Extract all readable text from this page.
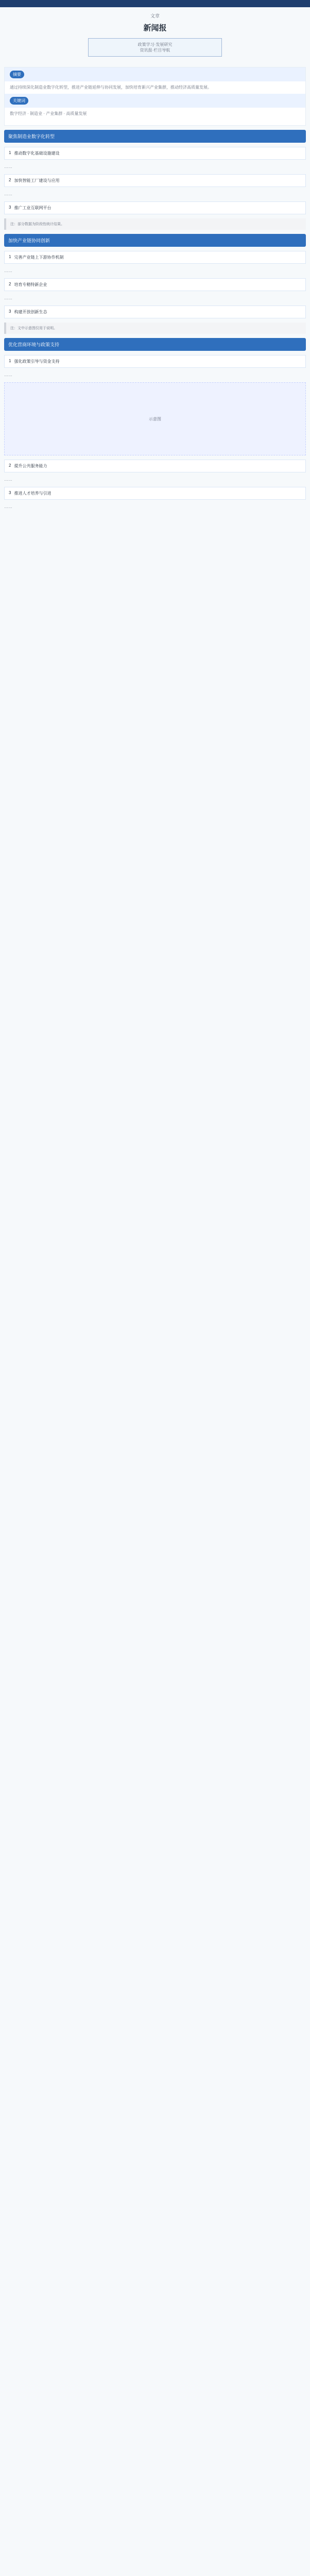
文章
新闻报
政策学习·发展研究
资讯报·栏目导航
摘要
通过持续深化制造业数字化转型，推进产业链延伸与协同发展，加快培育新兴产业集群，推动经济高质量发展。
关键词
数字经济 · 制造业 · 产业集群 · 高质量发展
聚焦制造业数字化转型
1 推动数字化基础设施建设
……
2 加快智能工厂建设与应用
……
3 推广工业互联网平台
注：部分数据为阶段性统计结果。
加快产业链协同创新
1 完善产业链上下游协作机制
……
2 培育专精特新企业
……
3 构建开放创新生态
注：文中示意图仅用于说明。
优化营商环境与政策支持
1 强化政策引导与资金支持
……
示意图
2 提升公共服务能力
……
3 推进人才培养与引进
……
